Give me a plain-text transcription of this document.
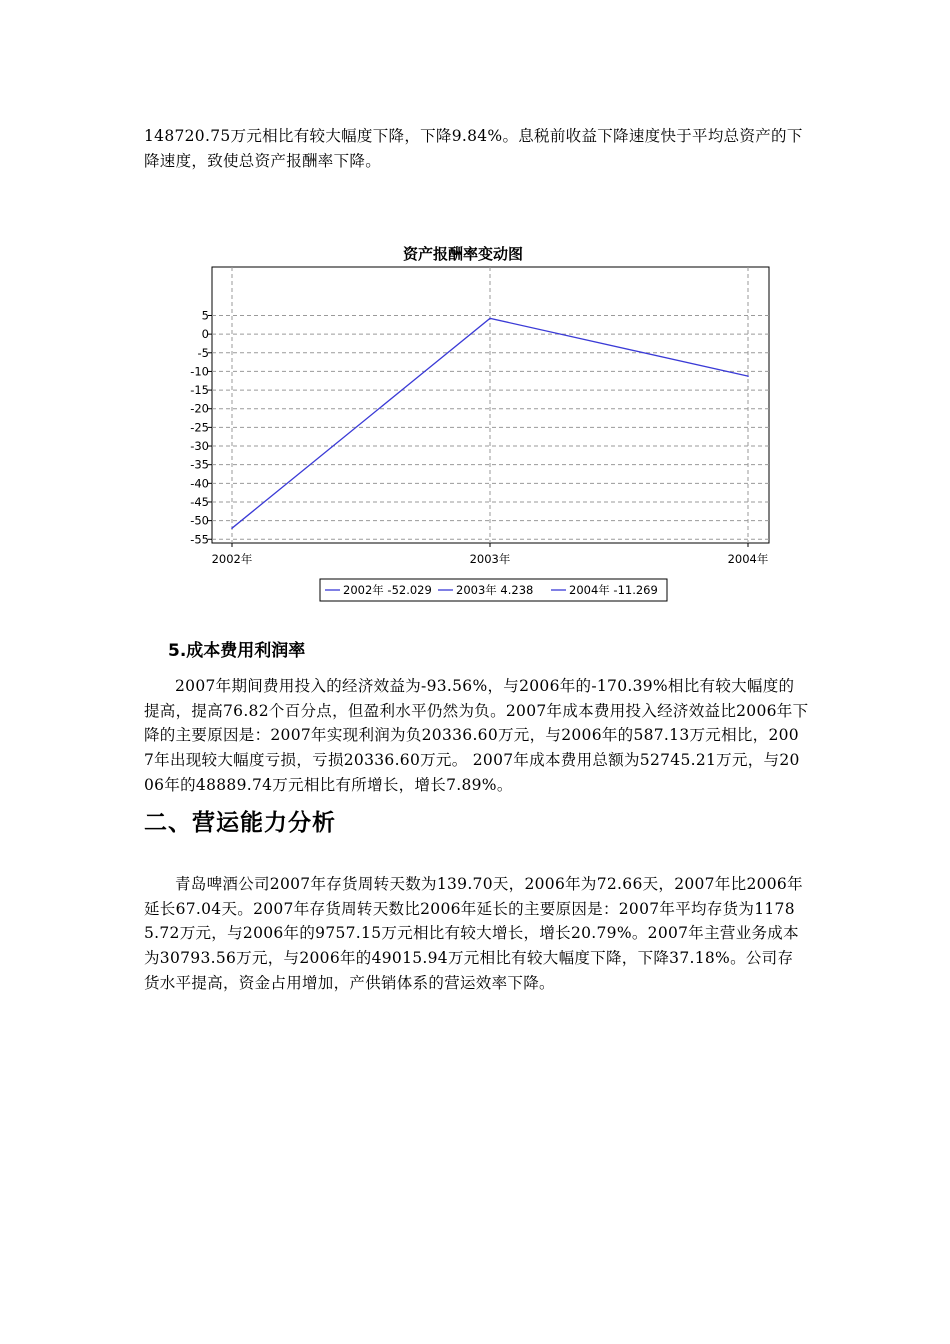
148720.75万元相比有较大幅度下降，下降9.84%。息税前收益下降速度快于平均总资产的下降速度，致使总资产报酬率下降。

资产报酬率变动图
5
0
-5
-10
-15
-20
-25
-30
-35
-40
-45
-50
-55
2002年	2003年	2004年
2002年 -52.029 2003年 4.238	2004年 -11.269
5.成本费用利润率

2007年期间费用投入的经济效益为-93.56%，与2006年的-170.39%相比有较大幅度的提高，提高76.82个百分点，但盈利水平仍然为负。2007年成本费用投入经济效益比2006年下降的主要原因是：2007年实现利润为负20336.60万元，与2006年的587.13万元相比，2007年出现较大幅度亏损，亏损20336.60万元。 2007年成本费用总额为52745.21万元，与2006年的48889.74万元相比有所增长，增长7.89%。

二、营运能力分析

青岛啤酒公司2007年存货周转天数为139.70天，2006年为72.66天，2007年比2006年延长67.04天。2007年存货周转天数比2006年延长的主要原因是：2007年平均存货为11785.72万元，与2006年的9757.15万元相比有较大增长，增长20.79%。2007年主营业务成本为30793.56万元，与2006年的49015.94万元相比有较大幅度下降，下降37.18%。公司存货水平提高，资金占用增加，产供销体系的营运效率下降。
